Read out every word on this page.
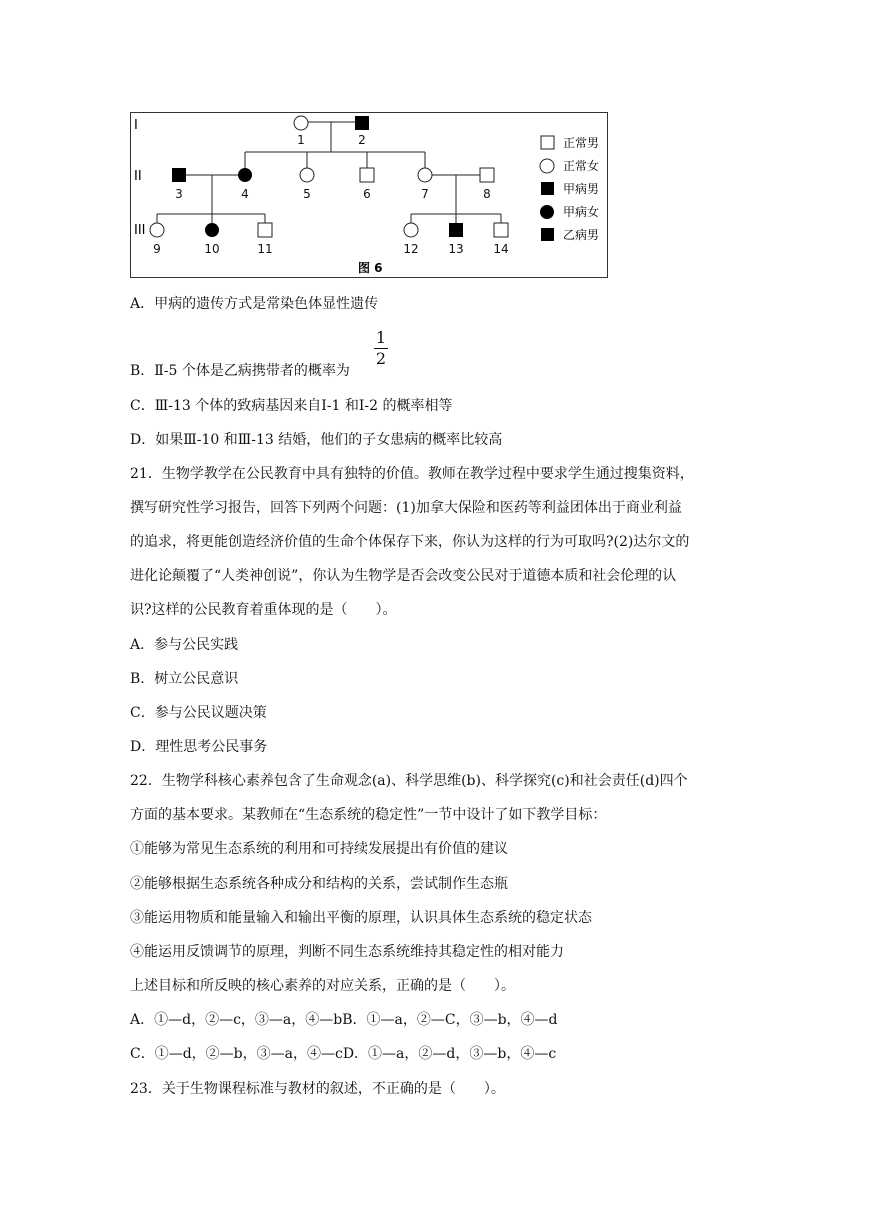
I
II
III
1	2
3	4	5	6	7	8
9	10	11	12 13 14
图 6
正常男
正常女
甲病男
甲病女
乙病男
A．甲病的遗传方式是常染色体显性遗传
B．Ⅱ-5 个体是乙病携带者的概率为
$\frac{1}{2}$
C．Ⅲ-13 个体的致病基因来自Ⅰ-1 和Ⅰ-2 的概率相等
D．如果Ⅲ-10 和Ⅲ-13 结婚，他们的子女患病的概率比较高
21．生物学教学在公民教育中具有独特的价值。教师在教学过程中要求学生通过搜集资料，
撰写研究性学习报告，回答下列两个问题：(1)加拿大保险和医药等利益团体出于商业利益
的追求，将更能创造经济价值的生命个体保存下来，你认为这样的行为可取吗?(2)达尔文的
进化论颠覆了“人类神创说”，你认为生物学是否会改变公民对于道德本质和社会伦理的认
识?这样的公民教育着重体现的是（　　）。
A．参与公民实践
B．树立公民意识
C．参与公民议题决策
D．理性思考公民事务
22．生物学科核心素养包含了生命观念(a)、科学思维(b)、科学探究(c)和社会责任(d)四个
方面的基本要求。某教师在“生态系统的稳定性”一节中设计了如下教学目标：
①能够为常见生态系统的利用和可持续发展提出有价值的建议
②能够根据生态系统各种成分和结构的关系，尝试制作生态瓶
③能运用物质和能量输入和输出平衡的原理，认识具体生态系统的稳定状态
④能运用反馈调节的原理，判断不同生态系统维持其稳定性的相对能力
上述目标和所反映的核心素养的对应关系，正确的是（　　）。
A．①—d，②—c，③—a，④—bB．①—a，②—C，③—b，④—d
C．①—d，②—b，③—a，④—cD．①—a，②—d，③—b，④—c
23．关于生物课程标准与教材的叙述，不正确的是（　　）。
